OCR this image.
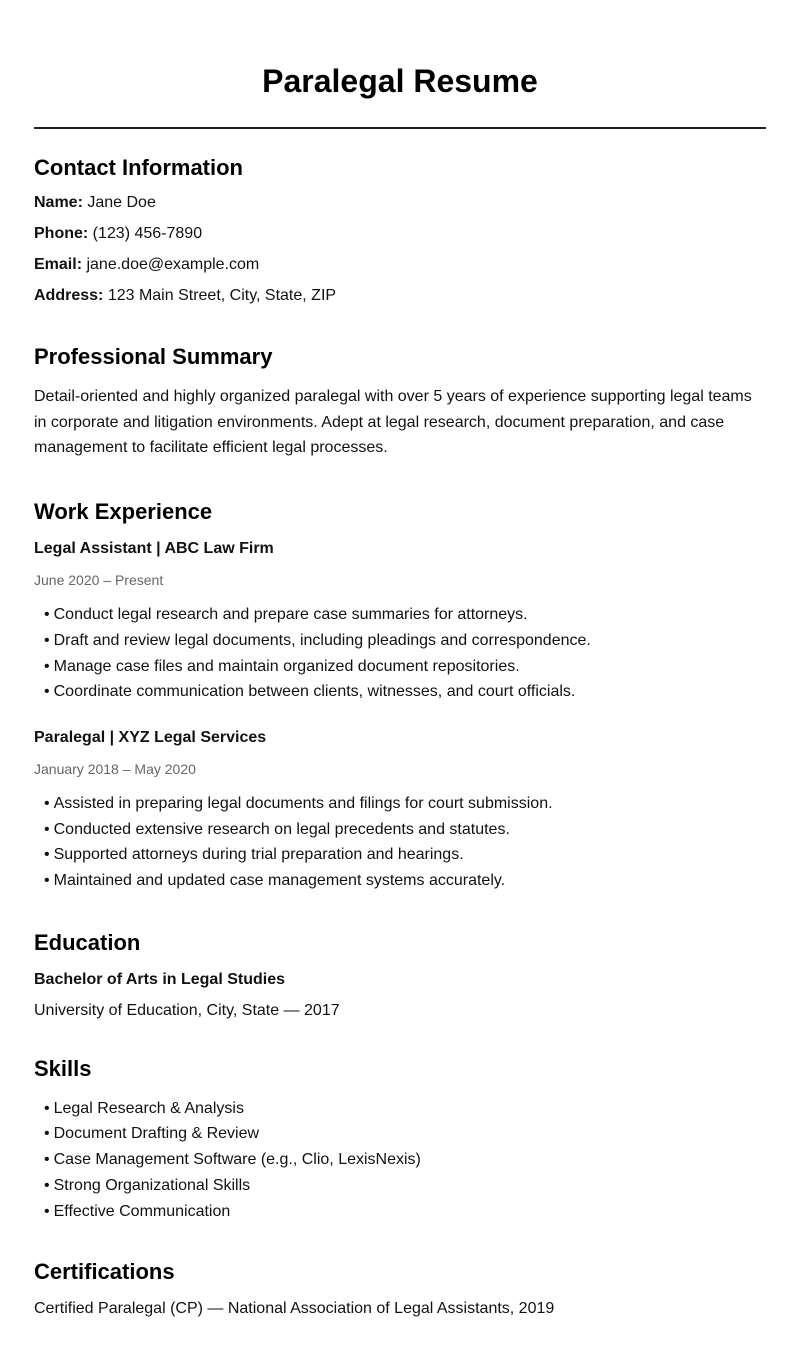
Paralegal Resume
Contact Information

Name: Jane Doe

Phone: (123) 456-7890

Email: jane.doe@example.com

Address: 123 Main Street, City, State, ZIP

Professional Summary

Detail-oriented and highly organized paralegal with over 5 years of experience supporting legal teams in corporate and litigation environments. Adept at legal research, document preparation, and case management to facilitate efficient legal processes.

Work Experience

Legal Assistant | ABC Law Firm

June 2020 – Present
• Conduct legal research and prepare case summaries for attorneys.
• Draft and review legal documents, including pleadings and correspondence.
• Manage case files and maintain organized document repositories.
• Coordinate communication between clients, witnesses, and court officials.

Paralegal | XYZ Legal Services

January 2018 – May 2020
• Assisted in preparing legal documents and filings for court submission.
• Conducted extensive research on legal precedents and statutes.
• Supported attorneys during trial preparation and hearings.
• Maintained and updated case management systems accurately.
Education
Bachelor of Arts in Legal Studies
University of Education, City, State — 2017
Skills
• Legal Research & Analysis
• Document Drafting & Review
• Case Management Software (e.g., Clio, LexisNexis)
• Strong Organizational Skills
• Effective Communication
Certifications
Certified Paralegal (CP) — National Association of Legal Assistants, 2019
